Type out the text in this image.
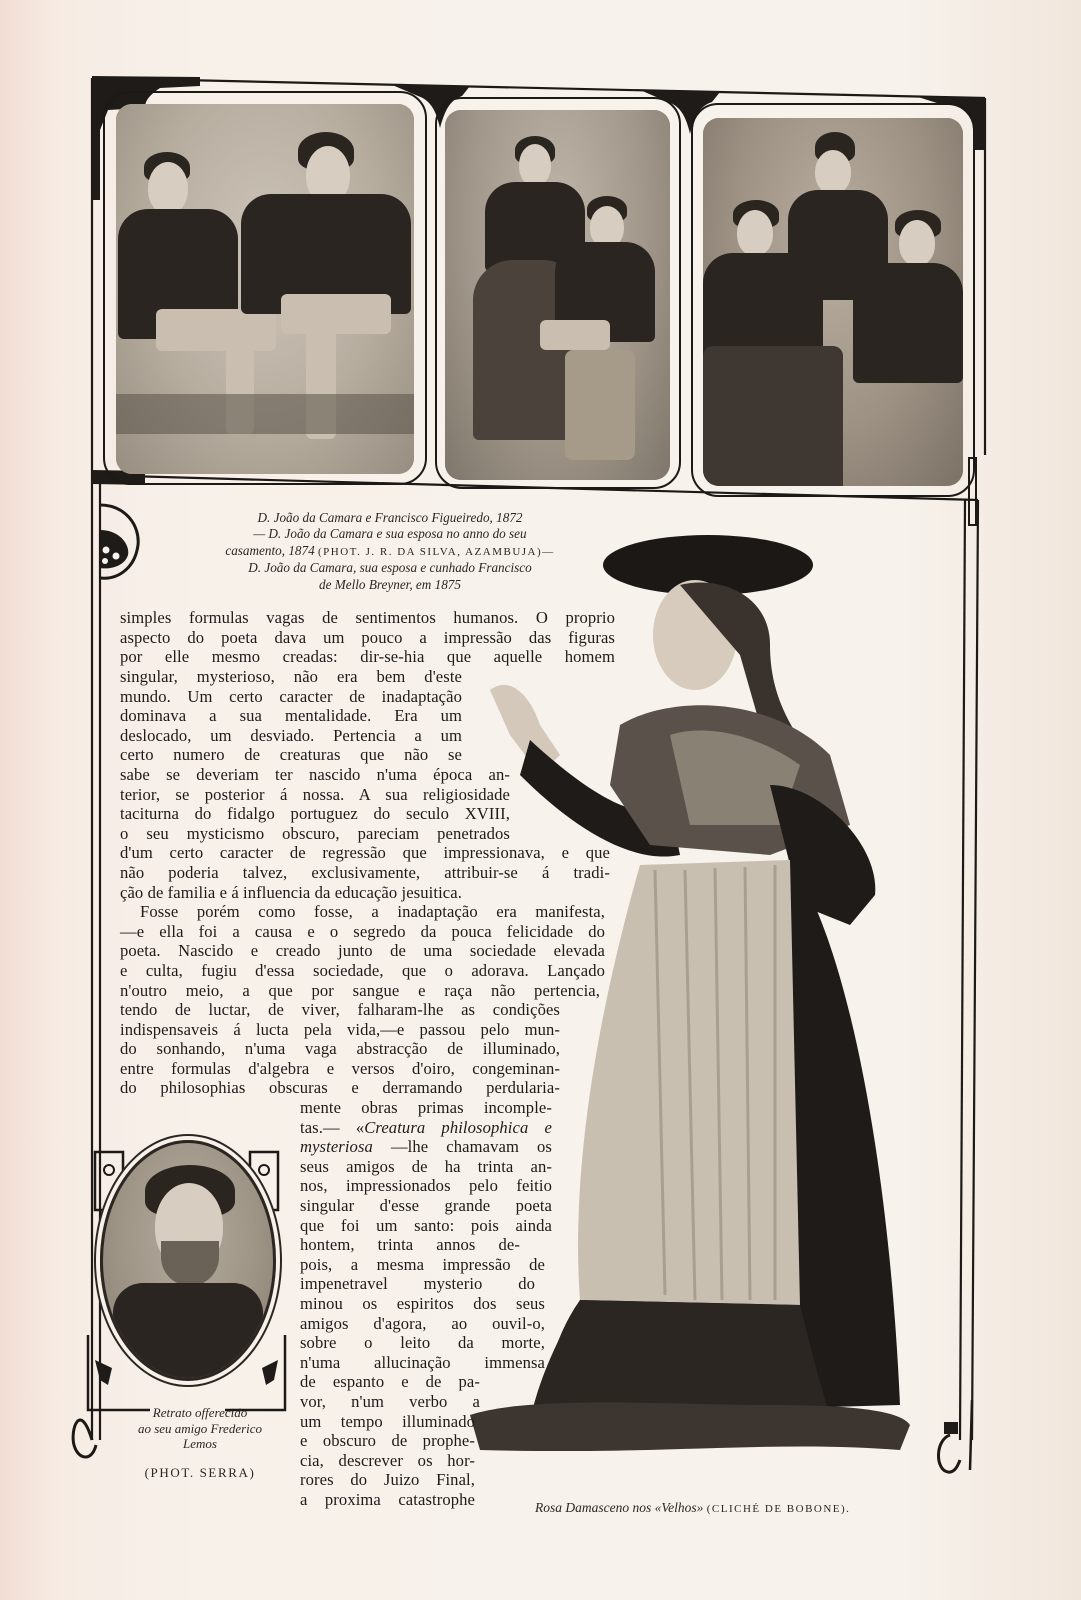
D. João da Camara e Francisco Figueiredo, 1872
— D. João da Camara e sua esposa no anno do seu
casamento, 1874 (PHOT. J. R. DA SILVA, AZAMBUJA)—
D. João da Camara, sua esposa e cunhado Francisco
de Mello Breyner, em 1875
simples formulas vagas de sentimentos humanos. O proprio
aspecto do poeta dava um pouco a impressão das figuras
por elle mesmo creadas: dir-se-hia que aquelle homem
singular, mysterioso, não era bem d'este
mundo. Um certo caracter de inadaptação
dominava a sua mentalidade. Era um
deslocado, um desviado. Pertencia a um
certo numero de creaturas que não se
sabe se deveriam ter nascido n'uma época an-
terior, se posterior á nossa. A sua religiosidade
taciturna do fidalgo portuguez do seculo XVIII,
o seu mysticismo obscuro, pareciam penetrados
d'um certo caracter de regressão que impressionava, e que
não poderia talvez, exclusivamente, attribuir-se á tradi-
ção de familia e á influencia da educação jesuitica.
Fosse porém como fosse, a inadaptação era manifesta,
—e ella foi a causa e o segredo da pouca felicidade do
poeta. Nascido e creado junto de uma sociedade elevada
e culta, fugiu d'essa sociedade, que o adorava. Lançado
n'outro meio, a que por sangue e raça não pertencia,
tendo de luctar, de viver, falharam-lhe as condições
indispensaveis á lucta pela vida,—e passou pelo mun-
do sonhando, n'uma vaga abstracção de illuminado,
entre formulas d'algebra e versos d'oiro, congeminan-
do philosophias obscuras e derramando perdularia-
mente obras primas incomple-
tas.— «Creatura philosophica e
mysteriosa —lhe chamavam os
seus amigos de ha trinta an-
nos, impressionados pelo feitio
singular d'esse grande poeta
que foi um santo: pois ainda
hontem, trinta annos de-
pois, a mesma impressão de
impenetravel mysterio do
minou os espiritos dos seus
amigos d'agora, ao ouvil-o,
sobre o leito da morte,
n'uma allucinação immensa
de espanto e de pa-
vor, n'um verbo a
um tempo illuminado
e obscuro de prophe-
cia, descrever os hor-
rores do Juizo Final,
a proxima catastrophe
Retrato offerecido
ao seu amigo Frederico
Lemos
(PHOT. SERRA)
Rosa Damasceno nos «Velhos» (CLICHÉ DE BOBONE).
